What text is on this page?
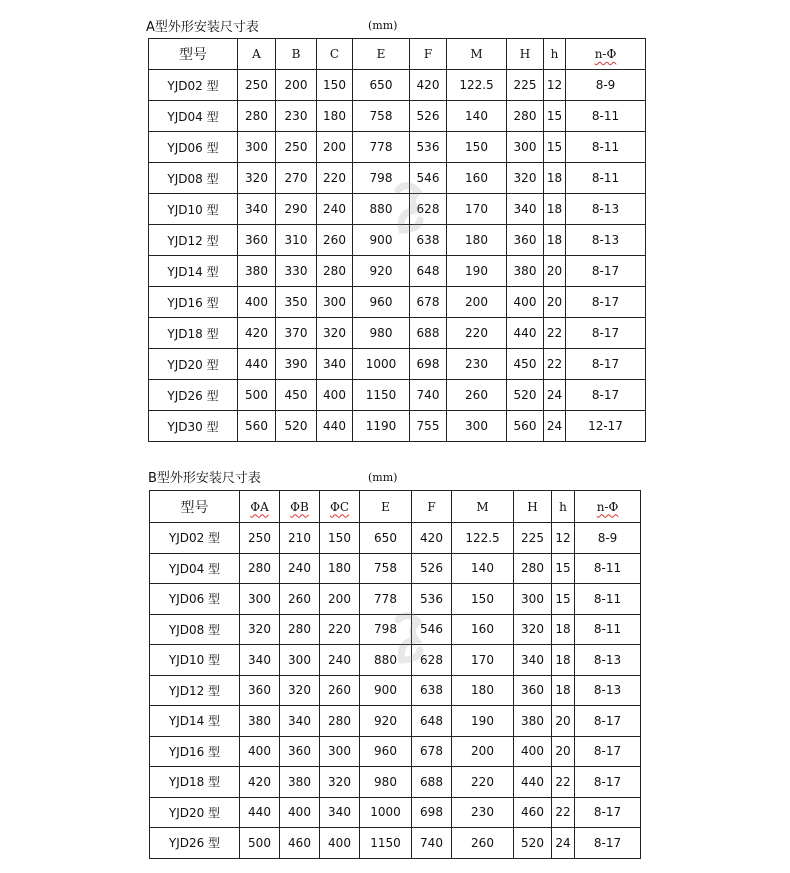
A型外形安装尺寸表	(mm)
型号	A	B	C	E	F	M	H	h	n-Φ
YJD02 型	250	200	150	650	420	122.5	225	12	8-9
YJD04 型	280	230	180	758	526	140	280	15	8-11
YJD06 型	300	250	200	778	536	150	300	15	8-11
YJD08 型	320	270	220	798	546	160	320	18	8-11
YJD10 型	340	290	240	880	628	170	340	18	8-13
YJD12 型	360	310	260	900	638	180	360	18	8-13
YJD14 型	380	330	280	920	648	190	380	20	8-17
YJD16 型	400	350	300	960	678	200	400	20	8-17
YJD18 型	420	370	320	980	688	220	440	22	8-17
YJD20 型	440	390	340	1000	698	230	450	22	8-17
YJD26 型	500	450	400	1150	740	260	520	24	8-17
YJD30 型	560	520	440	1190	755	300	560	24	12-17
B型外形安装尺寸表	(mm)
型号	ΦA	ΦB	ΦC	E	F	M	H	h	n-Φ
YJD02 型	250	210	150	650	420	122.5	225	12	8-9
YJD04 型	280	240	180	758	526	140	280	15	8-11
YJD06 型	300	260	200	778	536	150	300	15	8-11
YJD08 型	320	280	220	798	546	160	320	18	8-11
YJD10 型	340	300	240	880	628	170	340	18	8-13
YJD12 型	360	320	260	900	638	180	360	18	8-13
YJD14 型	380	340	280	920	648	190	380	20	8-17
YJD16 型	400	360	300	960	678	200	400	20	8-17
YJD18 型	420	380	320	980	688	220	440	22	8-17
YJD20 型	440	400	340	1000	698	230	460	22	8-17
YJD26 型	500	460	400	1150	740	260	520	24	8-17
